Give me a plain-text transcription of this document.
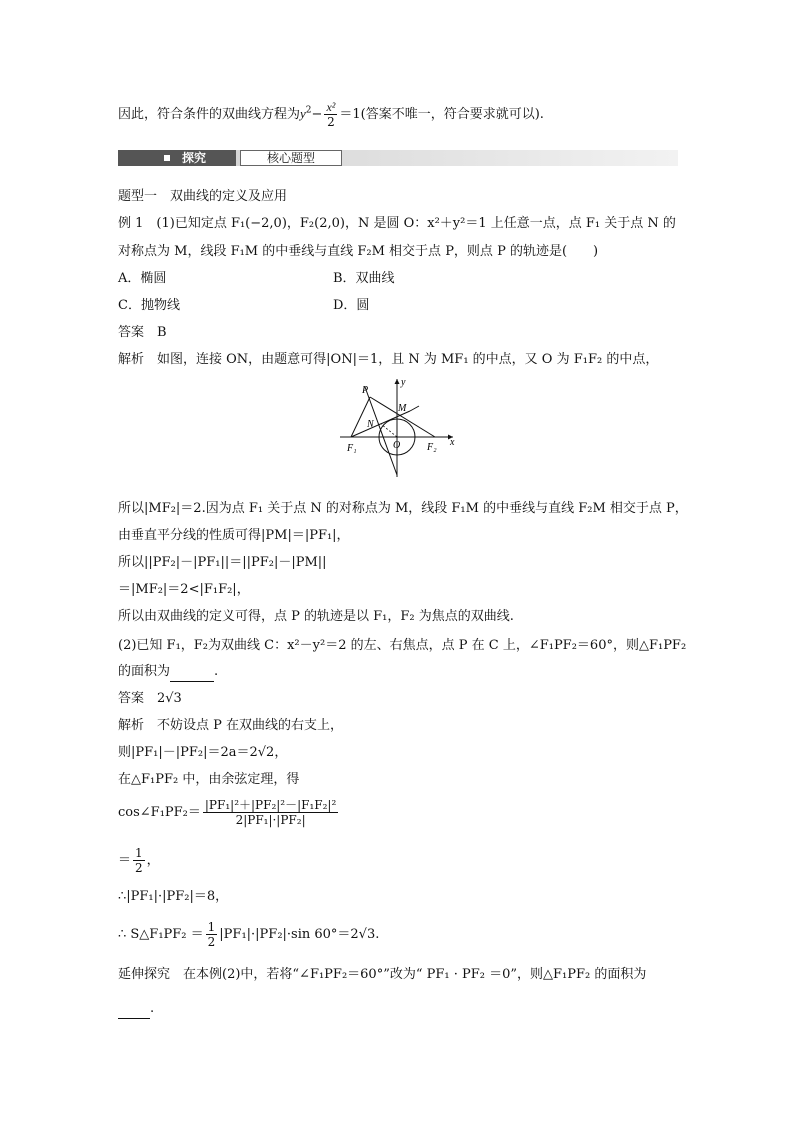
因此，符合条件的双曲线方程为$y^2- \frac{\text{x²}}{2} =1$(答案不唯一，符合要求就可以).
探究	核心题型
题型一　双曲线的定义及应用
例 1　(1)已知定点 F₁(−2,0)，F₂(2,0)，N 是圆 O：x²＋y²＝1 上任意一点，点 F₁ 关于点 N 的
对称点为 M，线段 F₁M 的中垂线与直线 F₂M 相交于点 P，则点 P 的轨迹是(　　)
A．椭圆	B．双曲线
C．抛物线	D．圆
答案　B
解析　如图，连接 ON，由题意可得|ON|＝1，且 N 为 MF₁ 的中点，又 O 为 F₁F₂ 的中点，
P
M
N
O
F₁	F₂ x
y
所以|MF₂|＝2.因为点 F₁ 关于点 N 的对称点为 M，线段 F₁M 的中垂线与直线 F₂M 相交于点 P，
由垂直平分线的性质可得|PM|＝|PF₁|，
所以||PF₂|－|PF₁||＝||PF₂|－|PM||
＝|MF₂|＝2<|F₁F₂|，
所以由双曲线的定义可得，点 P 的轨迹是以 F₁，F₂ 为焦点的双曲线.
(2)已知 F₁，F₂为双曲线 C：x²－y²＝2 的左、右焦点，点 P 在 C 上，∠F₁PF₂＝60°，则△F₁PF₂
的面积为	.
答案　2√3
解析　不妨设点 P 在双曲线的右支上，
则|PF₁|－|PF₂|＝2a＝2√2，
在△F₁PF₂ 中，由余弦定理，得
cos∠F₁PF₂＝ $\frac{\text{|PF₁|²＋|PF₂|²－|F₁F₂|²}}{\text{2|PF₁|·|PF₂|}}$
＝ $\frac{1}{2}$ ，
∴|PF₁|·|PF₂|＝8，
∴ S△F₁PF₂ ＝ $\frac{1}{2} |PF_1|\cdot|PF_2|\cdot\sin$ 60°＝2√3.
延伸探究　在本例(2)中，若将“∠F₁PF₂＝60°”改为“ PF₁ · PF₂ ＝0”，则△F₁PF₂ 的面积为
.
